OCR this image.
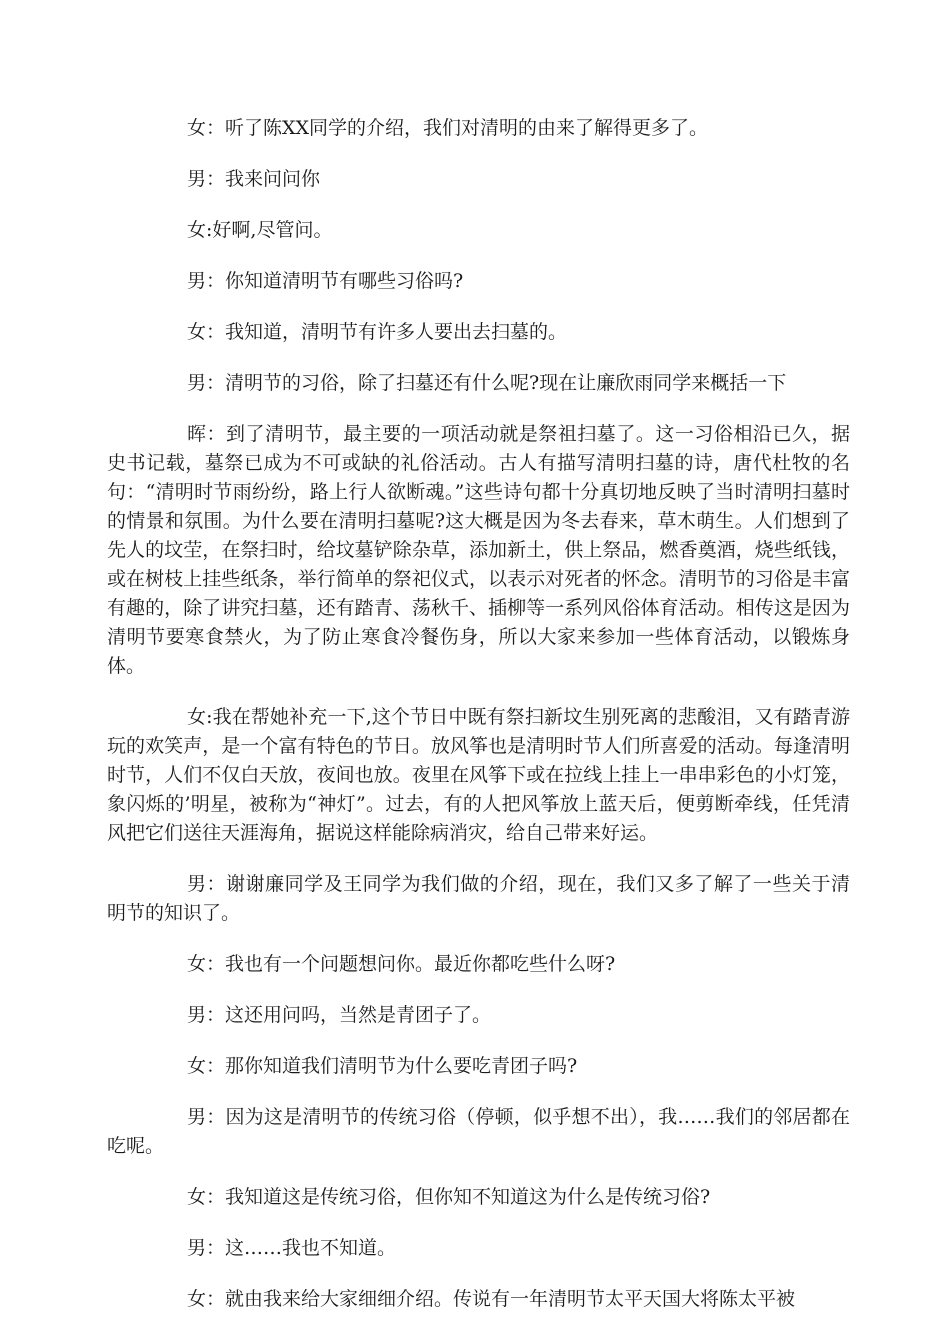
女：听了陈XX同学的介绍，我们对清明的由来了解得更多了。

男：我来问问你

女:好啊,尽管问。

男：你知道清明节有哪些习俗吗?

女：我知道，清明节有许多人要出去扫墓的。

男：清明节的习俗，除了扫墓还有什么呢?现在让廉欣雨同学来概括一下

晖：到了清明节，最主要的一项活动就是祭祖扫墓了。这一习俗相沿已久，据史书记载，墓祭已成为不可或缺的礼俗活动。古人有描写清明扫墓的诗，唐代杜牧的名句：“清明时节雨纷纷，路上行人欲断魂。”这些诗句都十分真切地反映了当时清明扫墓时的情景和氛围。为什么要在清明扫墓呢?这大概是因为冬去春来，草木萌生。人们想到了先人的坟茔，在祭扫时，给坟墓铲除杂草，添加新土，供上祭品，燃香奠酒，烧些纸钱，或在树枝上挂些纸条，举行简单的祭祀仪式，以表示对死者的怀念。清明节的习俗是丰富有趣的，除了讲究扫墓，还有踏青、荡秋千、插柳等一系列风俗体育活动。相传这是因为清明节要寒食禁火，为了防止寒食冷餐伤身，所以大家来参加一些体育活动，以锻炼身体。

女:我在帮她补充一下,这个节日中既有祭扫新坟生别死离的悲酸泪，又有踏青游玩的欢笑声，是一个富有特色的节日。放风筝也是清明时节人们所喜爱的活动。每逢清明时节，人们不仅白天放，夜间也放。夜里在风筝下或在拉线上挂上一串串彩色的小灯笼，象闪烁的’明星，被称为“神灯”。过去，有的人把风筝放上蓝天后，便剪断牵线，任凭清风把它们送往天涯海角，据说这样能除病消灾，给自己带来好运。

男：谢谢廉同学及王同学为我们做的介绍，现在，我们又多了解了一些关于清明节的知识了。

女：我也有一个问题想问你。最近你都吃些什么呀?

男：这还用问吗，当然是青团子了。

女：那你知道我们清明节为什么要吃青团子吗?

男：因为这是清明节的传统习俗（停顿，似乎想不出），我……我们的邻居都在吃呢。

女：我知道这是传统习俗，但你知不知道这为什么是传统习俗?

男：这……我也不知道。

女：就由我来给大家细细介绍。传说有一年清明节太平天国大将陈太平被
